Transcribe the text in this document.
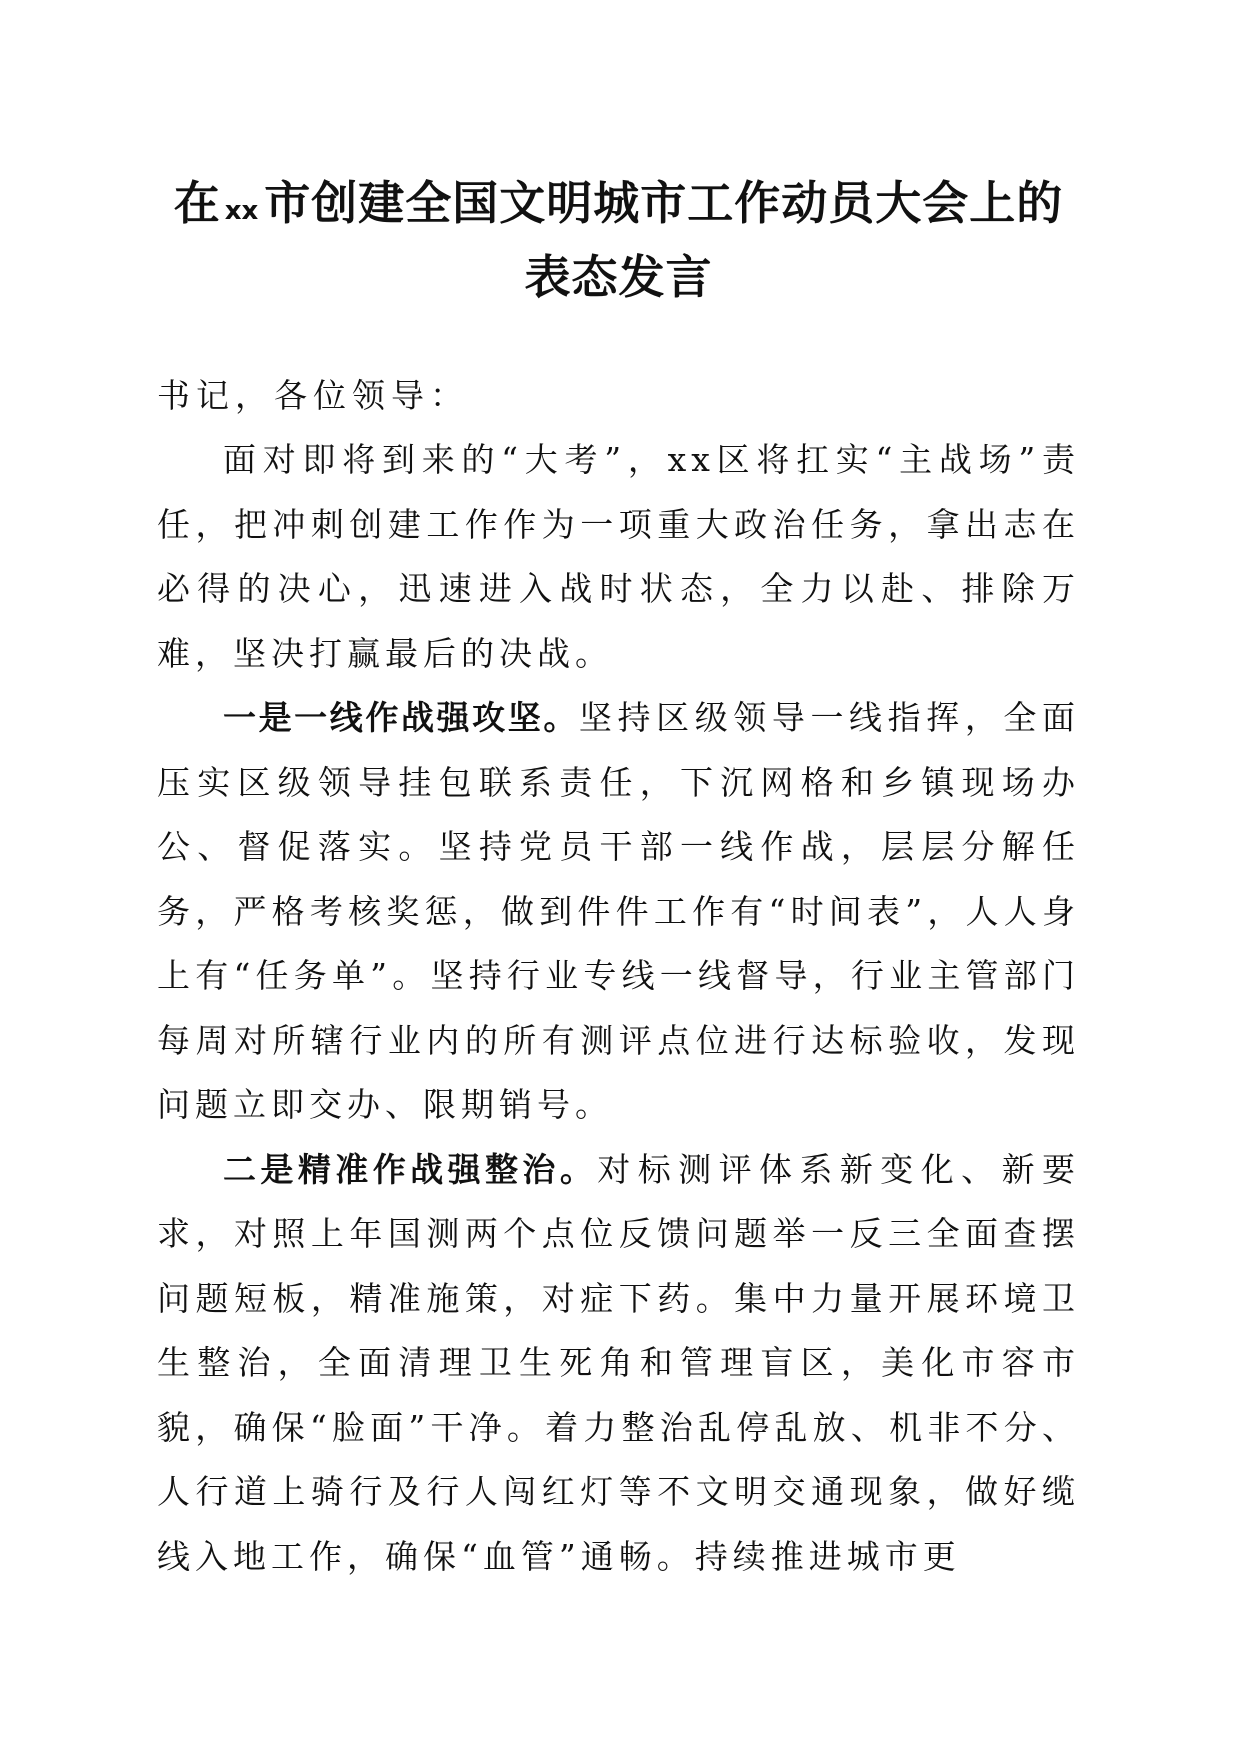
在xx 市创建全国文明城市工作动员大会上的表态发言

书记，各位领导：

面对即将到来的“大考”，xx区将扛实“主战场”责任，把冲刺创建工作作为一项重大政治任务，拿出志在必得的决心，迅速进入战时状态，全力以赴、排除万难，坚决打赢最后的决战。

一是一线作战强攻坚。坚持区级领导一线指挥，全面压实区级领导挂包联系责任，下沉网格和乡镇现场办公、督促落实。坚持党员干部一线作战，层层分解任务，严格考核奖惩，做到件件工作有“时间表”，人人身上有“任务单”。坚持行业专线一线督导，行业主管部门每周对所辖行业内的所有测评点位进行达标验收，发现问题立即交办、限期销号。

二是精准作战强整治。对标测评体系新变化、新要求，对照上年国测两个点位反馈问题举一反三全面查摆问题短板，精准施策，对症下药。集中力量开展环境卫生整治，全面清理卫生死角和管理盲区，美化市容市貌，确保“脸面”干净。着力整治乱停乱放、机非不分、人行道上骑行及行人闯红灯等不文明交通现象，做好缆线入地工作，确保“血管”通畅。持续推进城市更
